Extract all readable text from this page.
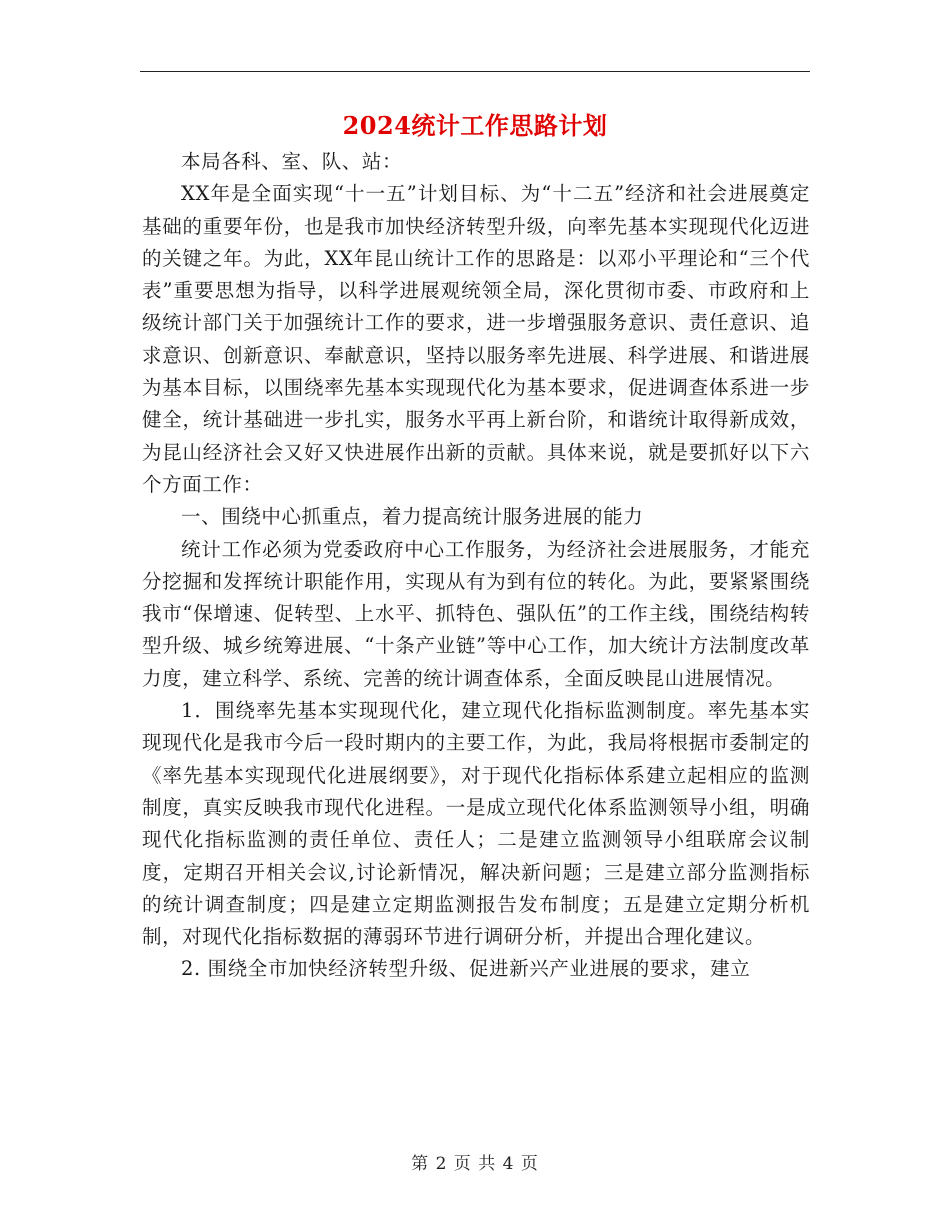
2024统计工作思路计划

本局各科、室、队、站：

XX年是全面实现“十一五”计划目标、为“十二五”经济和社会进展奠定基础的重要年份，也是我市加快经济转型升级，向率先基本实现现代化迈进的关键之年。为此，XX年昆山统计工作的思路是：以邓小平理论和“三个代表”重要思想为指导，以科学进展观统领全局，深化贯彻市委、市政府和上级统计部门关于加强统计工作的要求，进一步增强服务意识、责任意识、追求意识、创新意识、奉献意识，坚持以服务率先进展、科学进展、和谐进展为基本目标，以围绕率先基本实现现代化为基本要求，促进调查体系进一步健全，统计基础进一步扎实，服务水平再上新台阶，和谐统计取得新成效，为昆山经济社会又好又快进展作出新的贡献。具体来说，就是要抓好以下六个方面工作：

一、围绕中心抓重点，着力提高统计服务进展的能力

统计工作必须为党委政府中心工作服务，为经济社会进展服务，才能充分挖掘和发挥统计职能作用，实现从有为到有位的转化。为此，要紧紧围绕我市“保增速、促转型、上水平、抓特色、强队伍”的工作主线，围绕结构转型升级、城乡统筹进展、“十条产业链”等中心工作，加大统计方法制度改革力度，建立科学、系统、完善的统计调查体系，全面反映昆山进展情况。

1．围绕率先基本实现现代化，建立现代化指标监测制度。率先基本实现现代化是我市今后一段时期内的主要工作，为此，我局将根据市委制定的《率先基本实现现代化进展纲要》，对于现代化指标体系建立起相应的监测制度，真实反映我市现代化进程。一是成立现代化体系监测领导小组，明确现代化指标监测的责任单位、责任人；二是建立监测领导小组联席会议制度，定期召开相关会议,讨论新情况，解决新问题；三是建立部分监测指标的统计调查制度；四是建立定期监测报告发布制度；五是建立定期分析机制，对现代化指标数据的薄弱环节进行调研分析，并提出合理化建议。

2. 围绕全市加快经济转型升级、促进新兴产业进展的要求，建立

第 2 页 共 4 页
